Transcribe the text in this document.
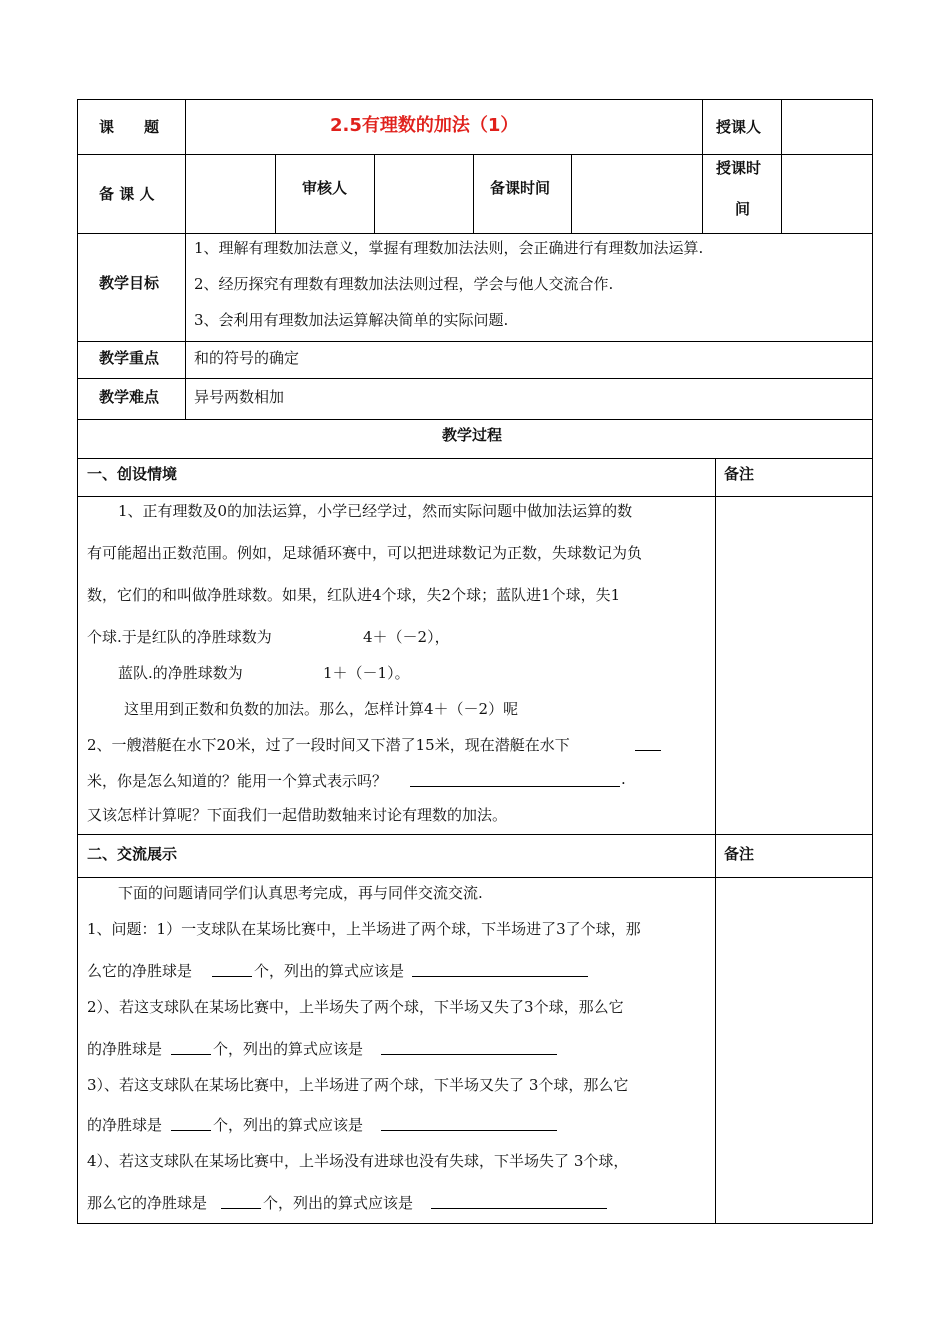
课　　题	2.5有理数的加法（1）	授课人
备 课 人	审核人	备课时间
授课时
间
教学目标
1、理解有理数加法意义，掌握有理数加法法则，会正确进行有理数加法运算.
2、经历探究有理数有理数加法法则过程，学会与他人交流合作.
3、会利用有理数加法运算解决简单的实际问题.
教学重点 和的符号的确定
教学难点 异号两数相加
教学过程
一、创设情境	备注
1、正有理数及0的加法运算，小学已经学过，然而实际问题中做加法运算的数
有可能超出正数范围。例如，足球循环赛中，可以把进球数记为正数，失球数记为负
数，它们的和叫做净胜球数。如果，红队进4个球，失2个球；蓝队进1个球，失1
个球.于是红队的净胜球数为	4＋（－2），
蓝队.的净胜球数为	1＋（－1）。
这里用到正数和负数的加法。那么，怎样计算4＋（－2）呢
2、一艘潜艇在水下20米，过了一段时间又下潜了15米，现在潜艇在水下
米，你是怎么知道的？能用一个算式表示吗？	.
又该怎样计算呢？下面我们一起借助数轴来讨论有理数的加法。
二、交流展示	备注
下面的问题请同学们认真思考完成，再与同伴交流交流.
1、问题：1）一支球队在某场比赛中，上半场进了两个球，下半场进了3了个球，那
么它的净胜球是	个，列出的算式应该是
2）、若这支球队在某场比赛中，上半场失了两个球，下半场又失了3个球，那么它
的净胜球是	个，列出的算式应该是
3）、若这支球队在某场比赛中，上半场进了两个球，下半场又失了 3个球，那么它
的净胜球是	个，列出的算式应该是
4）、若这支球队在某场比赛中，上半场没有进球也没有失球，下半场失了 3个球，
那么它的净胜球是	个，列出的算式应该是
